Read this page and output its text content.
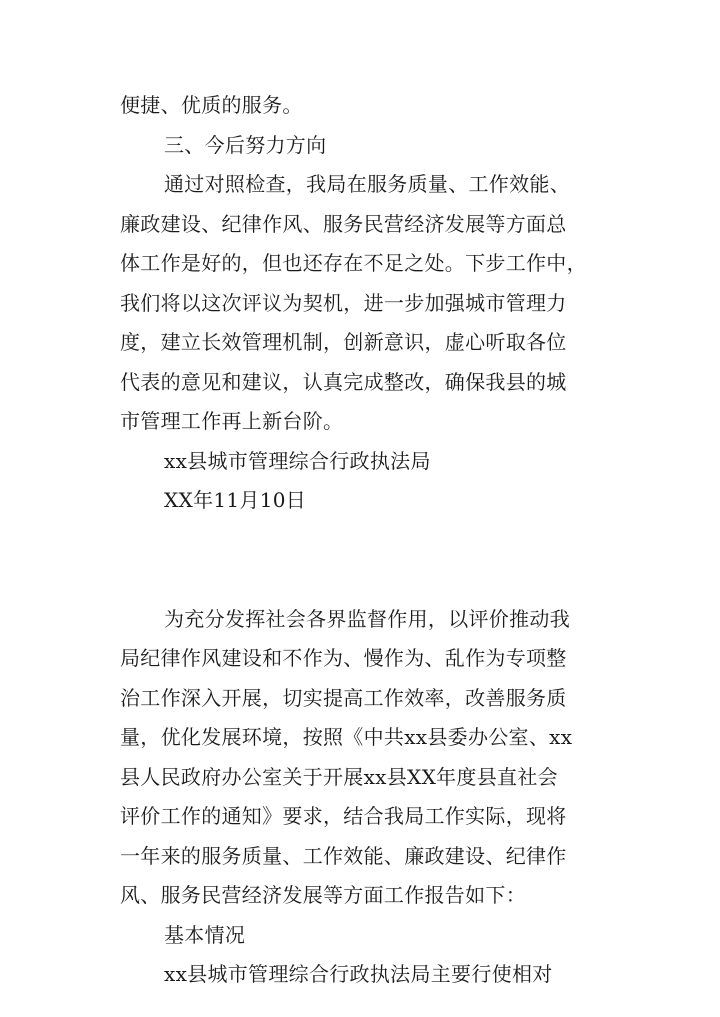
便捷、优质的服务。
三、今后努力方向
通过对照检查，我局在服务质量、工作效能、
廉政建设、纪律作风、服务民营经济发展等方面总
体工作是好的，但也还存在不足之处。下步工作中，
我们将以这次评议为契机，进一步加强城市管理力
度，建立长效管理机制，创新意识，虚心听取各位
代表的意见和建议，认真完成整改，确保我县的城
市管理工作再上新台阶。
xx县城市管理综合行政执法局
XX年11月10日
为充分发挥社会各界监督作用，以评价推动我
局纪律作风建设和不作为、慢作为、乱作为专项整
治工作深入开展，切实提高工作效率，改善服务质
量，优化发展环境，按照《中共xx县委办公室、xx
县人民政府办公室关于开展xx县XX年度县直社会
评价工作的通知》要求，结合我局工作实际，现将
一年来的服务质量、工作效能、廉政建设、纪律作
风、服务民营经济发展等方面工作报告如下：
基本情况
xx县城市管理综合行政执法局主要行使相对
